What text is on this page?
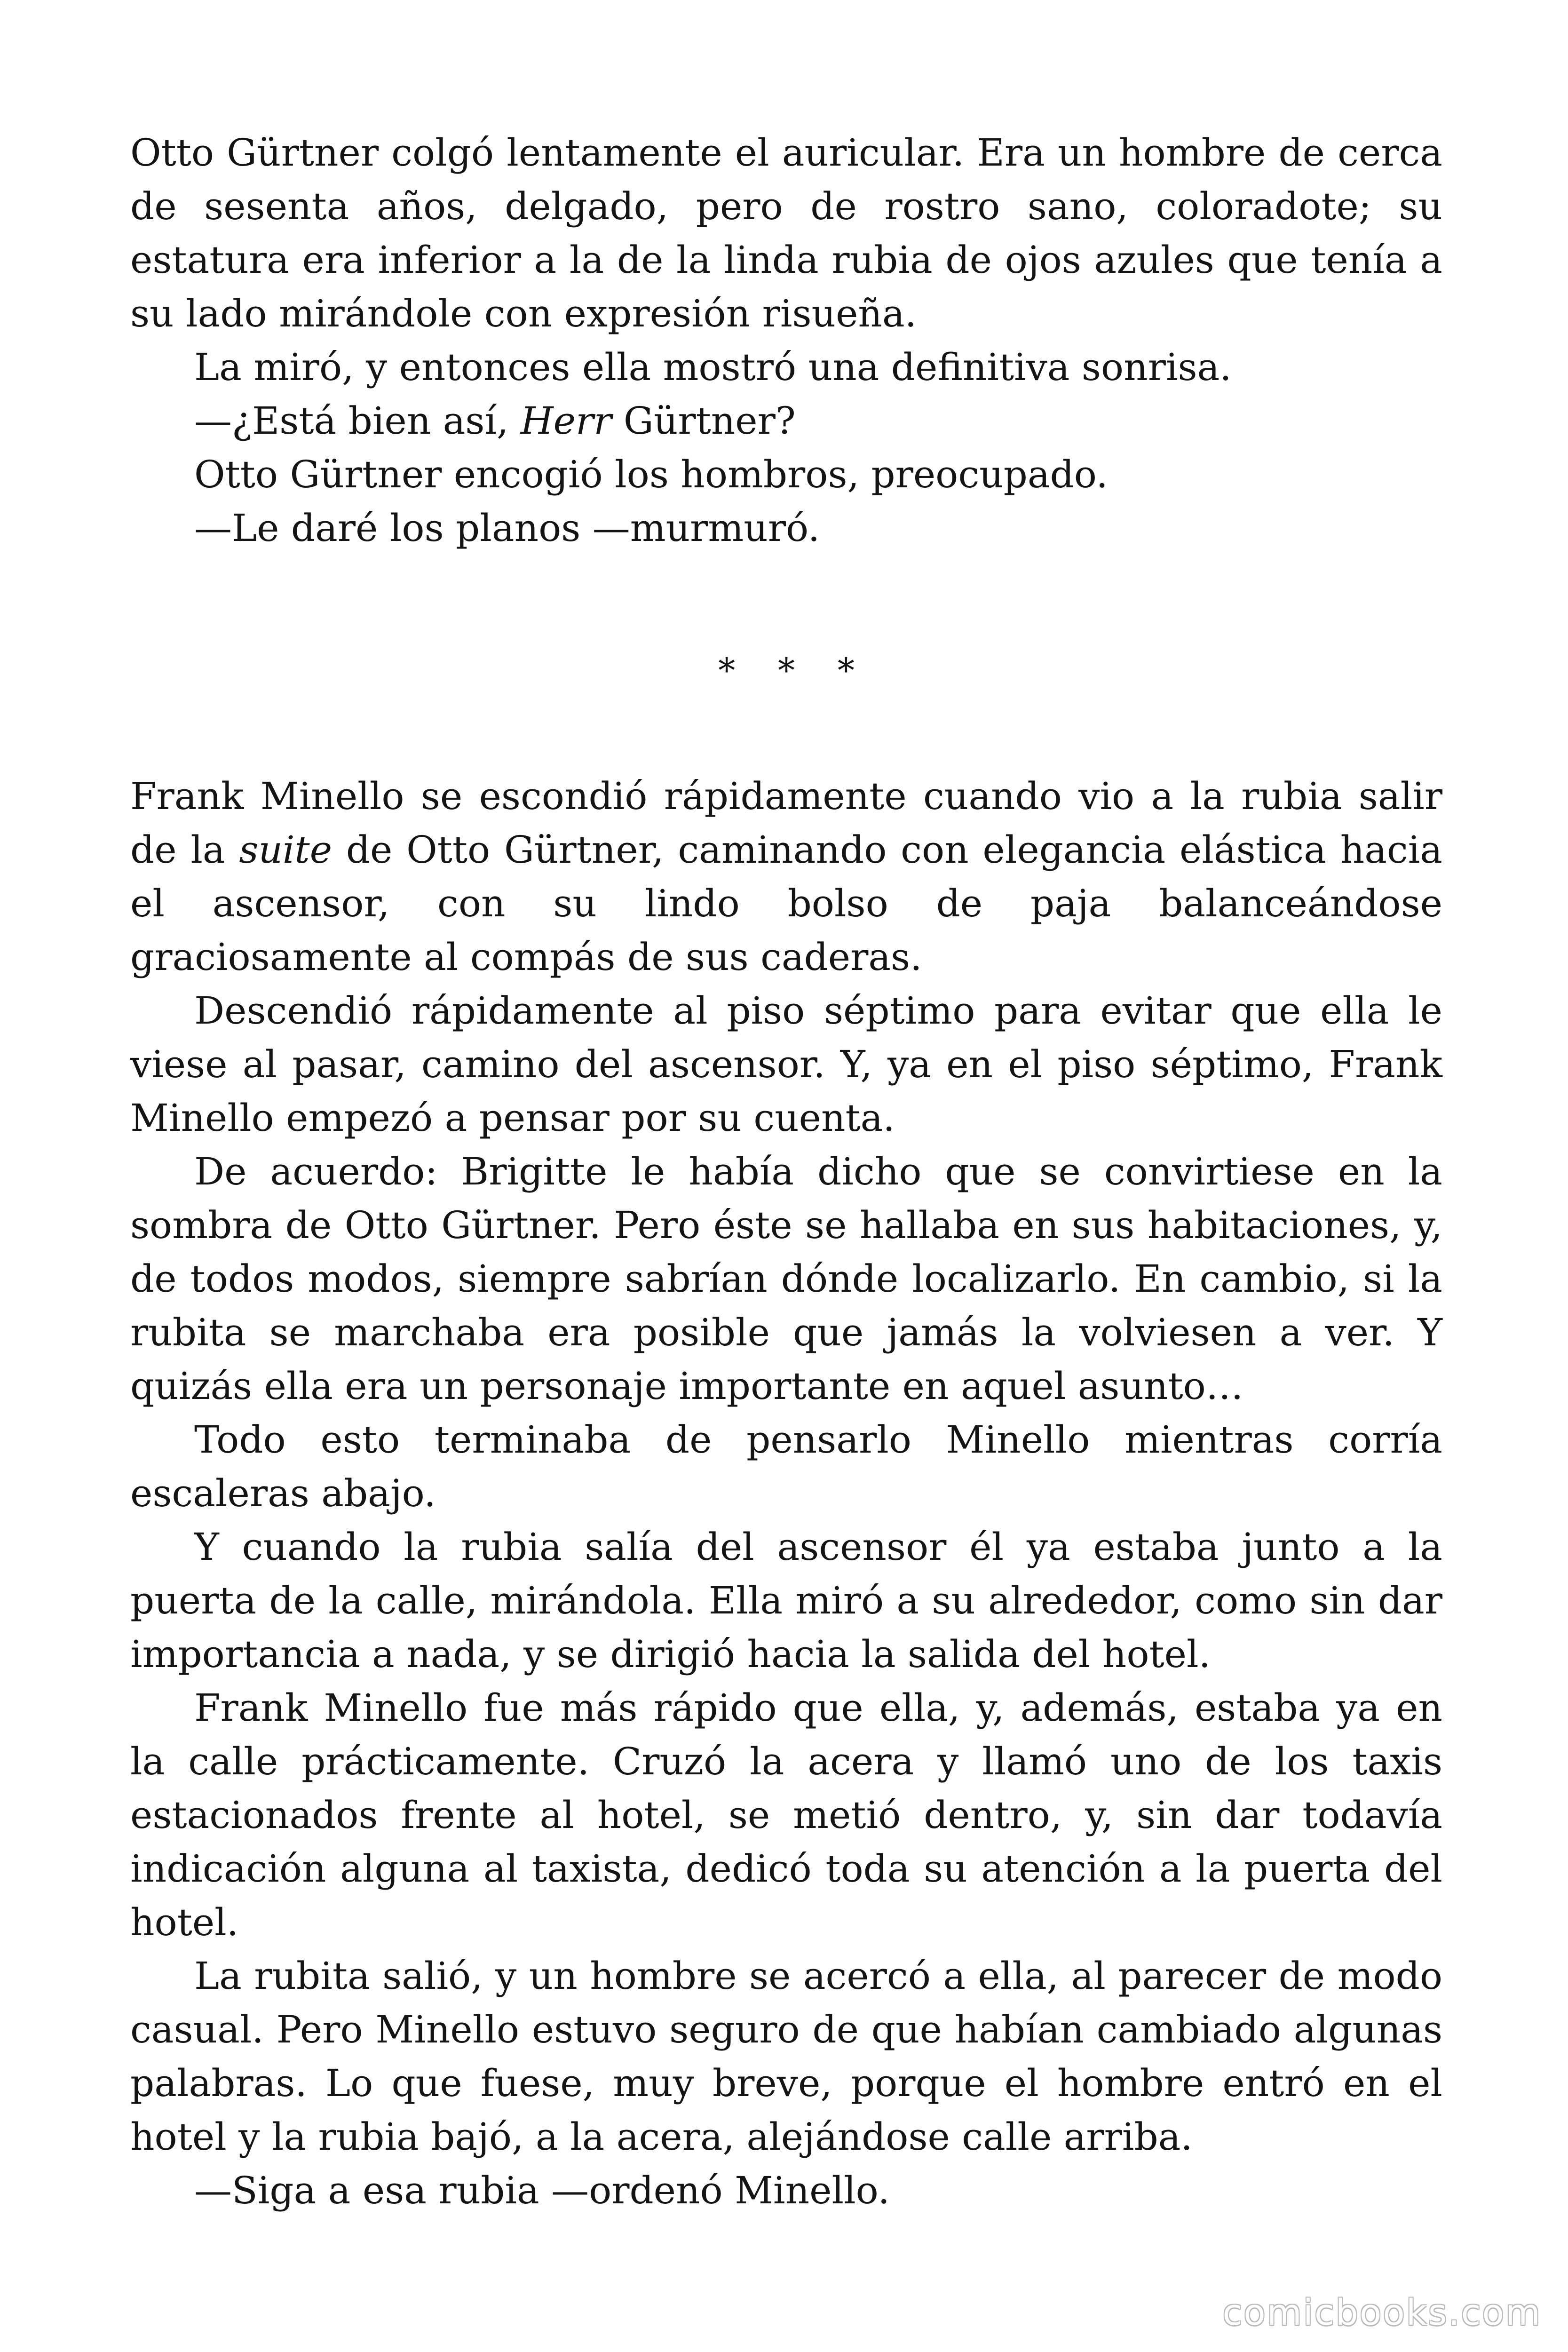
Otto Gürtner colgó lentamente el auricular. Era un hombre de cerca de sesenta años, delgado, pero de rostro sano, coloradote; su estatura era inferior a la de la linda rubia de ojos azules que tenía a su lado mirándole con expresión risueña.

La miró, y entonces ella mostró una definitiva sonrisa.

—¿Está bien así, Herr Gürtner?

Otto Gürtner encogió los hombros, preocupado.

—Le daré los planos —murmuró.

* * *

Frank Minello se escondió rápidamente cuando vio a la rubia salir de la suite de Otto Gürtner, caminando con elegancia elástica hacia el ascensor, con su lindo bolso de paja balanceándose graciosamente al compás de sus caderas.

Descendió rápidamente al piso séptimo para evitar que ella le viese al pasar, camino del ascensor. Y, ya en el piso séptimo, Frank Minello empezó a pensar por su cuenta.

De acuerdo: Brigitte le había dicho que se convirtiese en la sombra de Otto Gürtner. Pero éste se hallaba en sus habitaciones, y, de todos modos, siempre sabrían dónde localizarlo. En cambio, si la rubita se marchaba era posible que jamás la volviesen a ver. Y quizás ella era un personaje importante en aquel asunto…

Todo esto terminaba de pensarlo Minello mientras corría escaleras abajo.

Y cuando la rubia salía del ascensor él ya estaba junto a la puerta de la calle, mirándola. Ella miró a su alrededor, como sin dar importancia a nada, y se dirigió hacia la salida del hotel.

Frank Minello fue más rápido que ella, y, además, estaba ya en la calle prácticamente. Cruzó la acera y llamó uno de los taxis estacionados frente al hotel, se metió dentro, y, sin dar todavía indicación alguna al taxista, dedicó toda su atención a la puerta del hotel.

La rubita salió, y un hombre se acercó a ella, al parecer de modo casual. Pero Minello estuvo seguro de que habían cambiado algunas palabras. Lo que fuese, muy breve, porque el hombre entró en el hotel y la rubia bajó, a la acera, alejándose calle arriba.

—Siga a esa rubia —ordenó Minello.

comicbooks.com
